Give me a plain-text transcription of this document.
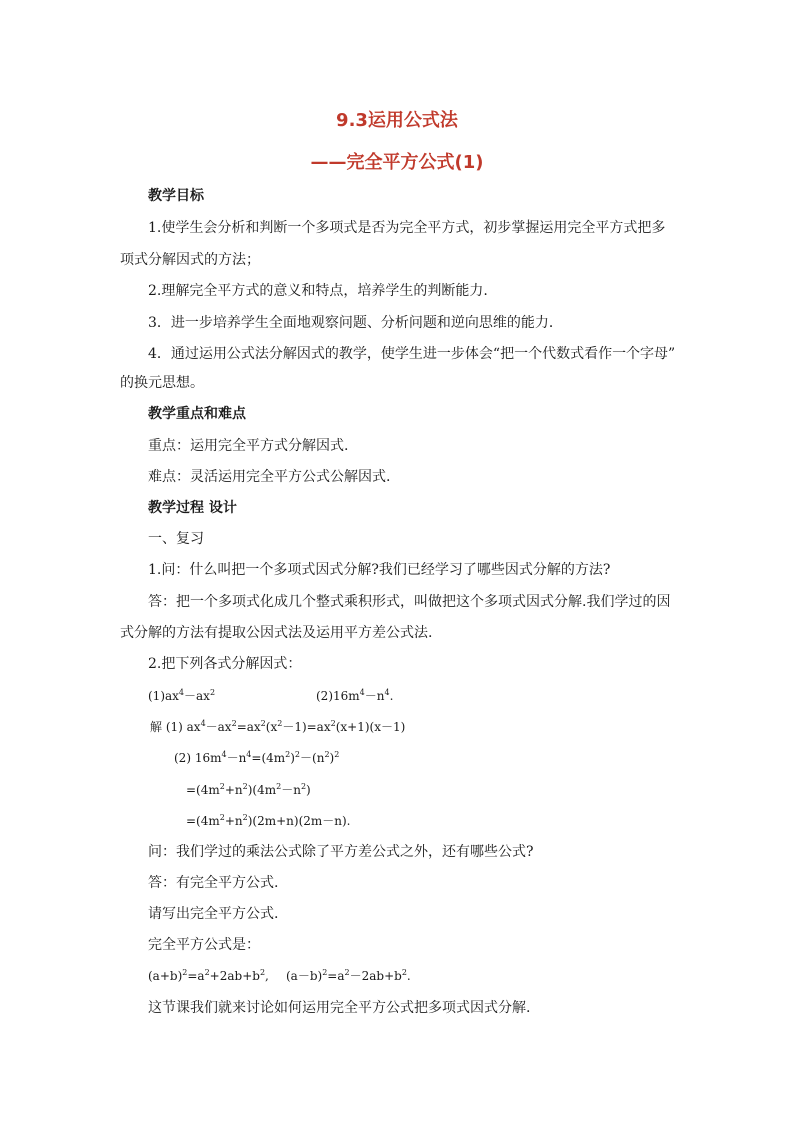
9.3运用公式法
——完全平方公式(1)
教学目标
1.使学生会分析和判断一个多项式是否为完全平方式，初步掌握运用完全平方式把多
项式分解因式的方法；
2.理解完全平方式的意义和特点，培养学生的判断能力.
3．进一步培养学生全面地观察问题、分析问题和逆向思维的能力．
4．通过运用公式法分解因式的教学，使学生进一步体会“把一个代数式看作一个字母”
的换元思想。
教学重点和难点
重点：运用完全平方式分解因式.
难点：灵活运用完全平方公式公解因式.
教学过程 设计
一、复习
1.问：什么叫把一个多项式因式分解?我们已经学习了哪些因式分解的方法?
答：把一个多项式化成几个整式乘积形式，叫做把这个多项式因式分解.我们学过的因
式分解的方法有提取公因式法及运用平方差公式法.
2.把下列各式分解因式：
$(1)ax^4-ax^2$	$(2)16m^4-n^4$.
解 (1) $ax^4-ax^2=ax^2(x^2-1)=ax^2(x+1)(x-1)$
(2) $16m^4-n^4=(4m^2)^2-(n^2)^2$
$=(4m^2+n^2)(4m^2-n^2)$
$=(4m^2+n^2)(2m+n)(2m-n)$.
问：我们学过的乘法公式除了平方差公式之外，还有哪些公式?
答：有完全平方公式.
请写出完全平方公式.
完全平方公式是：
$(a+b)^2=a^2+2ab+b^2$, $(a-b)^2=a^2-2ab+b^2$.
这节课我们就来讨论如何运用完全平方公式把多项式因式分解.
